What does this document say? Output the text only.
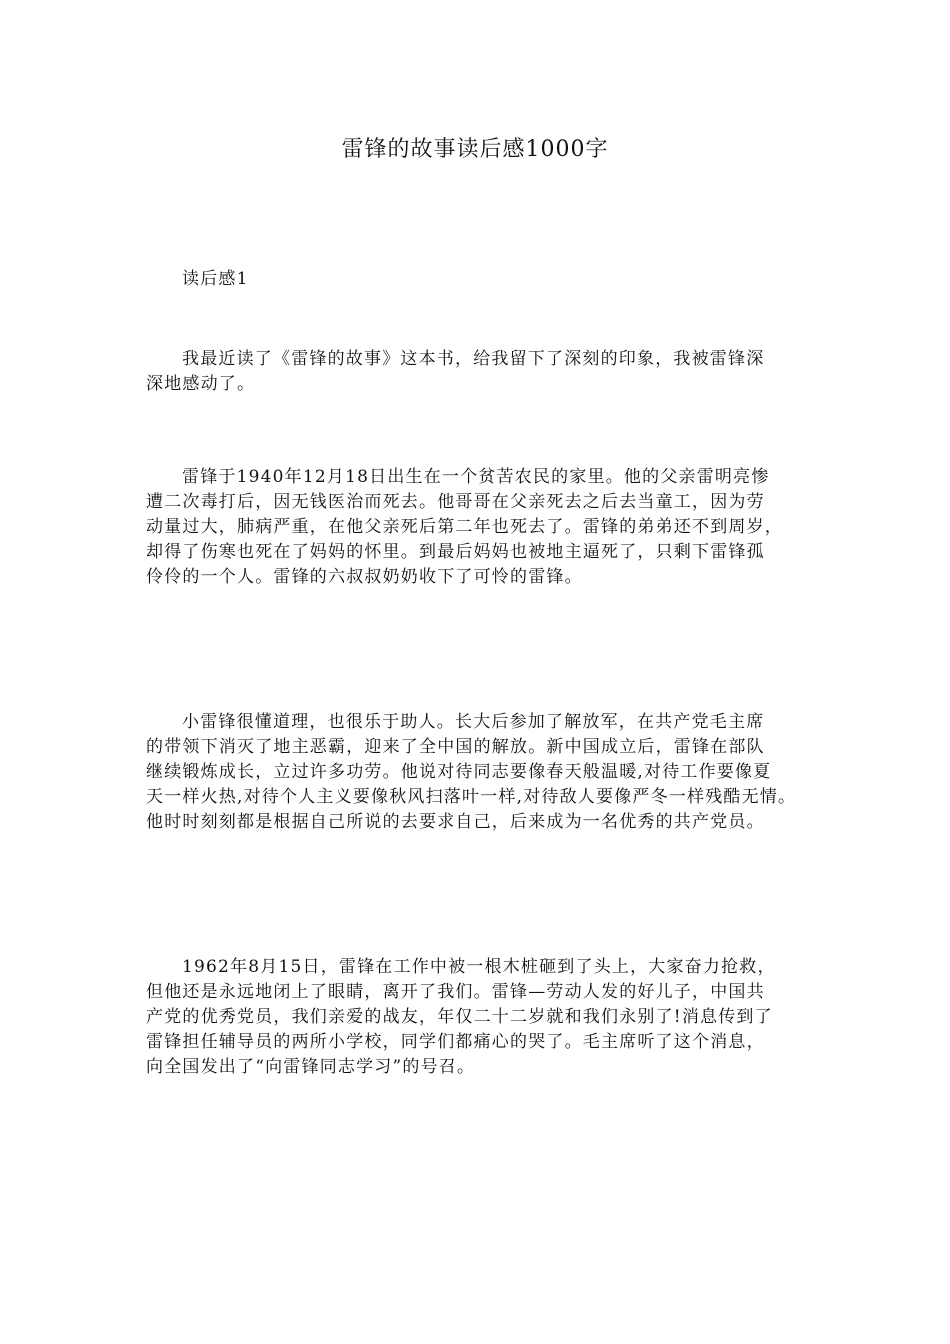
雷锋的故事读后感1000字
读后感1
我最近读了《雷锋的故事》这本书，给我留下了深刻的印象，我被雷锋深
深地感动了。
雷锋于1940年12月18日出生在一个贫苦农民的家里。他的父亲雷明亮惨
遭二次毒打后，因无钱医治而死去。他哥哥在父亲死去之后去当童工，因为劳
动量过大，肺病严重，在他父亲死后第二年也死去了。雷锋的弟弟还不到周岁，
却得了伤寒也死在了妈妈的怀里。到最后妈妈也被地主逼死了，只剩下雷锋孤
伶伶的一个人。雷锋的六叔叔奶奶收下了可怜的雷锋。
小雷锋很懂道理，也很乐于助人。长大后参加了解放军，在共产党毛主席
的带领下消灭了地主恶霸，迎来了全中国的解放。新中国成立后，雷锋在部队
继续锻炼成长，立过许多功劳。他说对待同志要像春天般温暖,对待工作要像夏
天一样火热,对待个人主义要像秋风扫落叶一样,对待敌人要像严冬一样残酷无情。
他时时刻刻都是根据自己所说的去要求自己，后来成为一名优秀的共产党员。
1962年8月15日，雷锋在工作中被一根木桩砸到了头上，大家奋力抢救，
但他还是永远地闭上了眼睛，离开了我们。雷锋—劳动人发的好儿子，中国共
产党的优秀党员，我们亲爱的战友，年仅二十二岁就和我们永别了!消息传到了
雷锋担任辅导员的两所小学校，同学们都痛心的哭了。毛主席听了这个消息，
向全国发出了“向雷锋同志学习”的号召。
